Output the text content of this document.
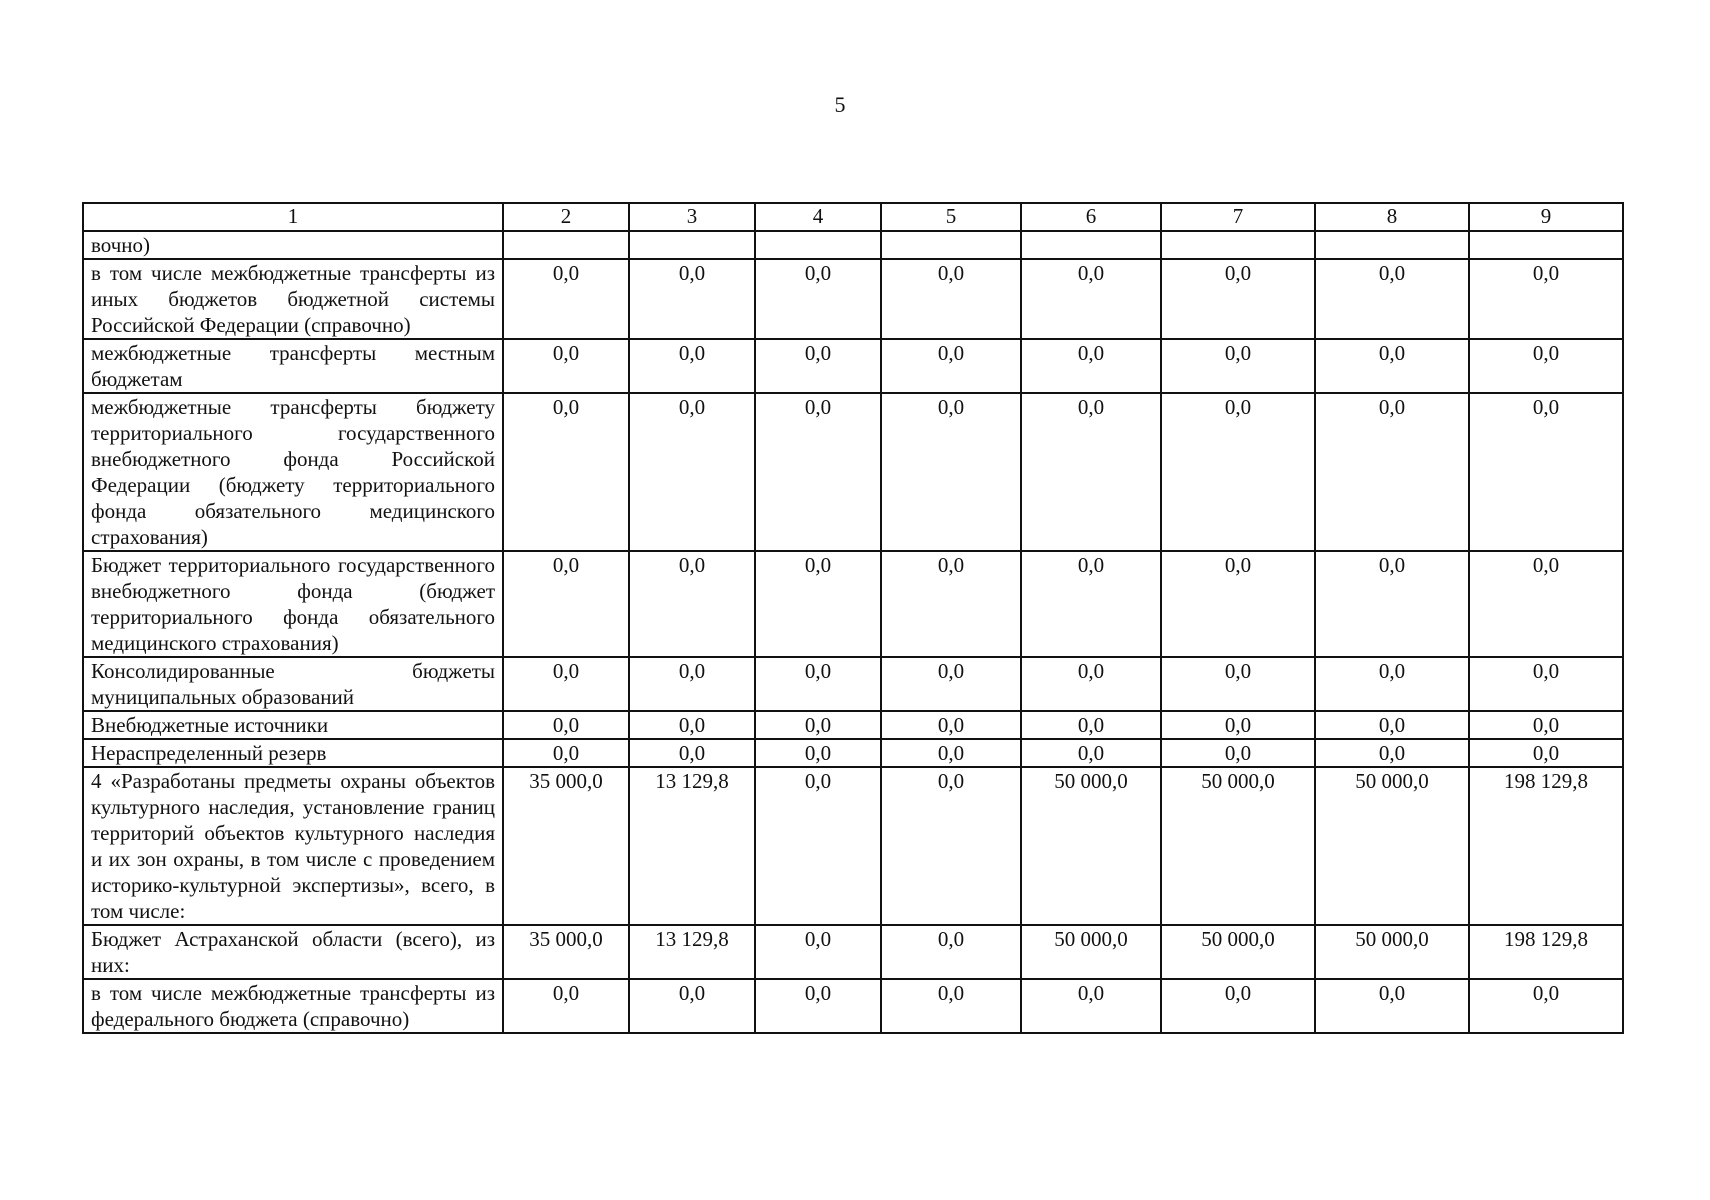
5
1	2	3	4	5	6	7	8	9
вочно)								
в том числе межбюджетные трансферты из иных бюджетов бюджетной системы Российской Федерации (справочно)	0,0	0,0	0,0	0,0	0,0	0,0	0,0	0,0
межбюджетные трансферты местным бюджетам	0,0	0,0	0,0	0,0	0,0	0,0	0,0	0,0
межбюджетные трансферты бюджету территориального государственного внебюджетного фонда Российской Федерации (бюджету территориального фонда обязательного медицинского страхования)	0,0	0,0	0,0	0,0	0,0	0,0	0,0	0,0
Бюджет территориального государственного внебюджетного фонда (бюджет территориального фонда обязательного медицинского страхования)	0,0	0,0	0,0	0,0	0,0	0,0	0,0	0,0
Консолидированные бюджеты муниципальных образований	0,0	0,0	0,0	0,0	0,0	0,0	0,0	0,0
Внебюджетные источники	0,0	0,0	0,0	0,0	0,0	0,0	0,0	0,0
Нераспределенный резерв	0,0	0,0	0,0	0,0	0,0	0,0	0,0	0,0
4 «Разработаны предметы охраны объектов культурного наследия, установление границ территорий объектов культурного наследия и их зон охраны, в том числе с проведением историко-культурной экспертизы», всего, в том числе:	35 000,0	13 129,8	0,0	0,0	50 000,0	50 000,0	50 000,0	198 129,8
Бюджет Астраханской области (всего), из них:	35 000,0	13 129,8	0,0	0,0	50 000,0	50 000,0	50 000,0	198 129,8
в том числе межбюджетные трансферты из федерального бюджета (справочно)	0,0	0,0	0,0	0,0	0,0	0,0	0,0	0,0
